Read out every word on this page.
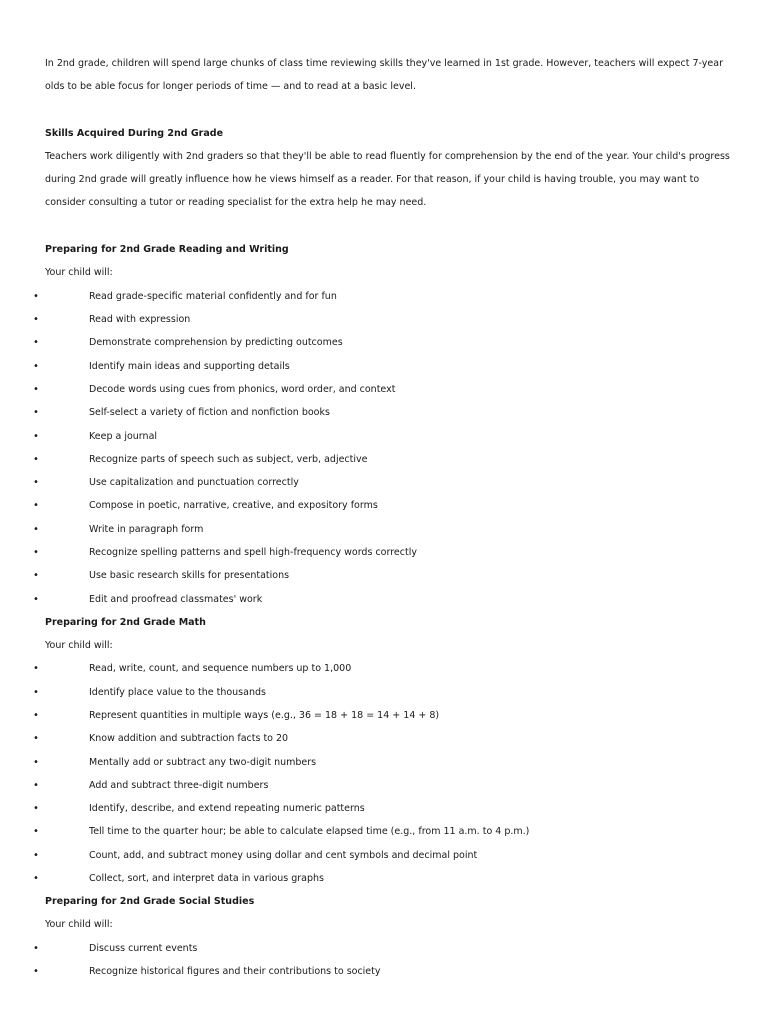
In 2nd grade, children will spend large chunks of class time reviewing skills they've learned in 1st grade. However, teachers will expect 7-year olds to be able focus for longer periods of time — and to read at a basic level.

Skills Acquired During 2nd Grade

Teachers work diligently with 2nd graders so that they'll be able to read fluently for comprehension by the end of the year. Your child's progress during 2nd grade will greatly influence how he views himself as a reader. For that reason, if your child is having trouble, you may want to consider consulting a tutor or reading specialist for the extra help he may need.

Preparing for 2nd Grade Reading and Writing

Your child will:

•	Read grade-specific material confidently and for fun
•	Read with expression
•	Demonstrate comprehension by predicting outcomes
•	Identify main ideas and supporting details
•	Decode words using cues from phonics, word order, and context
•	Self-select a variety of fiction and nonfiction books
•	Keep a journal
•	Recognize parts of speech such as subject, verb, adjective
•	Use capitalization and punctuation correctly
•	Compose in poetic, narrative, creative, and expository forms
•	Write in paragraph form
•	Recognize spelling patterns and spell high-frequency words correctly
•	Use basic research skills for presentations
•	Edit and proofread classmates' work

Preparing for 2nd Grade Math

Your child will:

•	Read, write, count, and sequence numbers up to 1,000
•	Identify place value to the thousands
•	Represent quantities in multiple ways (e.g., 36 = 18 + 18 = 14 + 14 + 8)
•	Know addition and subtraction facts to 20
•	Mentally add or subtract any two-digit numbers
•	Add and subtract three-digit numbers
•	Identify, describe, and extend repeating numeric patterns
•	Tell time to the quarter hour; be able to calculate elapsed time (e.g., from 11 a.m. to 4 p.m.)
•	Count, add, and subtract money using dollar and cent symbols and decimal point
•	Collect, sort, and interpret data in various graphs

Preparing for 2nd Grade Social Studies

Your child will:

•	Discuss current events
•	Recognize historical figures and their contributions to society
